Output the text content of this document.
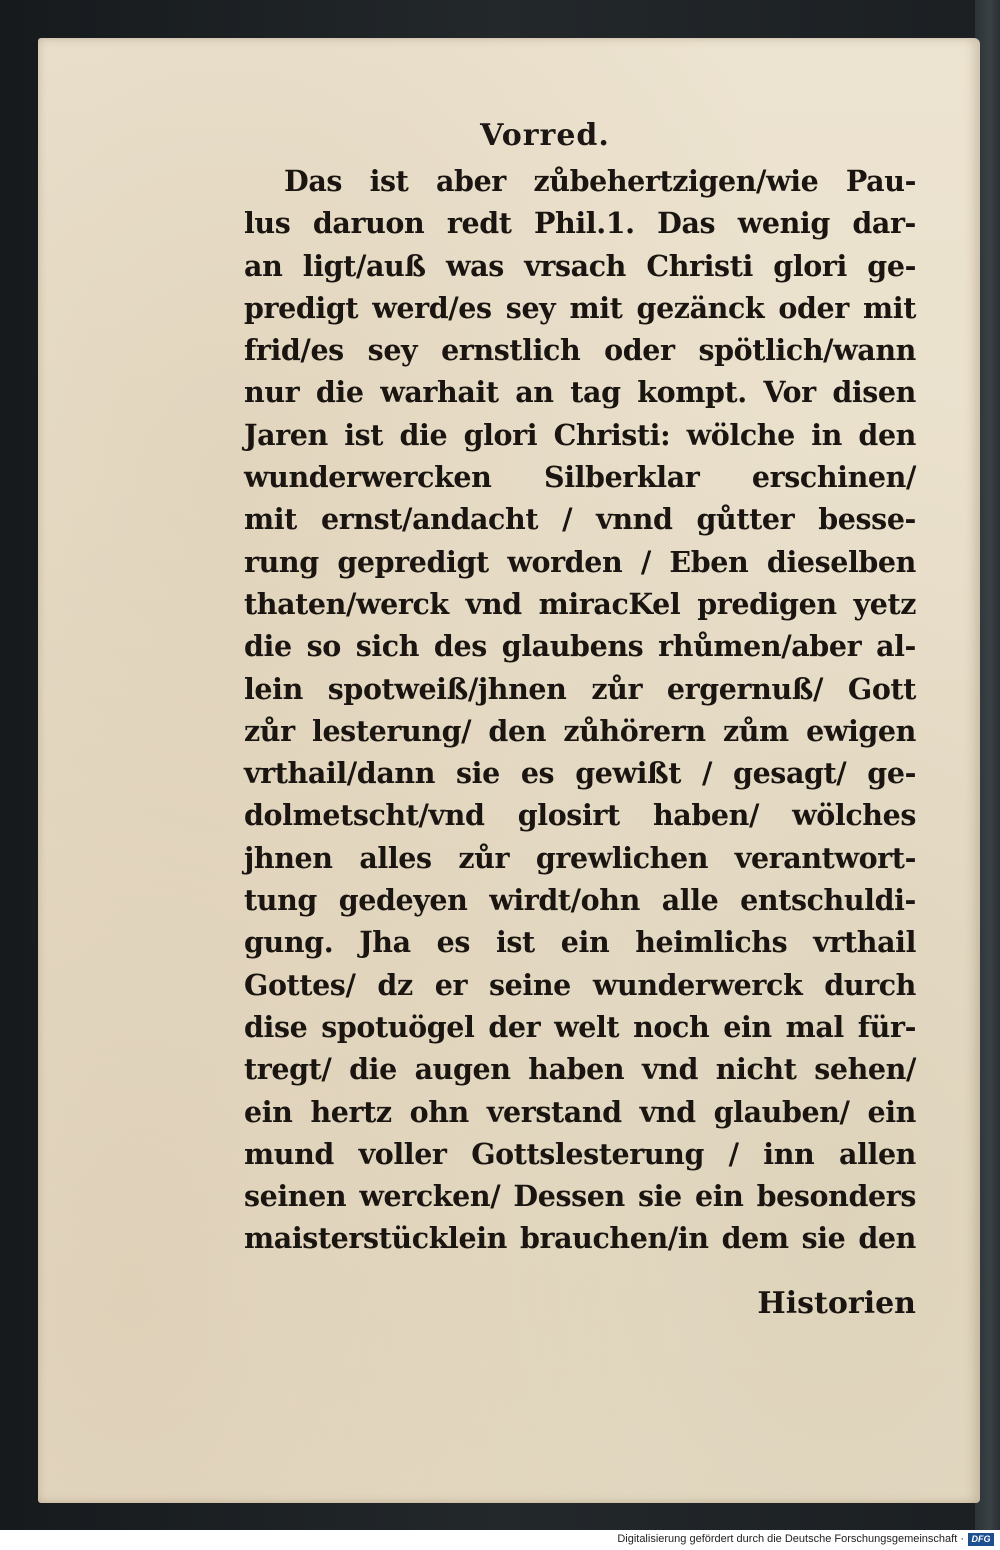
Vorred.
Das ist aber zůbehertzigen/wie Pau-
lus daruon redt Phil.1. Das wenig dar-
an ligt/auß was vrsach Christi glori ge-
predigt werd/es sey mit gezänck oder mit
frid/es sey ernstlich oder spötlich/wann
nur die warhait an tag kompt. Vor disen
Jaren ist die glori Christi: wölche in den
wunderwercken Silberklar erschinen/
mit ernst/andacht / vnnd gůtter besse-
rung gepredigt worden / Eben dieselben
thaten/werck vnd miracKel predigen yetz
die so sich des glaubens rhůmen/aber al-
lein spotweiß/jhnen zůr ergernuß/ Gott
zůr lesterung/ den zůhörern zům ewigen
vrthail/dann sie es gewißt / gesagt/ ge-
dolmetscht/vnd glosirt haben/ wölches
jhnen alles zůr grewlichen verantwort-
tung gedeyen wirdt/ohn alle entschuldi-
gung. Jha es ist ein heimlichs vrthail
Gottes/ dz er seine wunderwerck durch
dise spotuögel der welt noch ein mal für-
tregt/ die augen haben vnd nicht sehen/
ein hertz ohn verstand vnd glauben/ ein
mund voller Gottslesterung / inn allen
seinen wercken/ Dessen sie ein besonders
maisterstücklein brauchen/in dem sie den
Historien
Digitalisierung gefördert durch die Deutsche Forschungsgemeinschaft · DFG
